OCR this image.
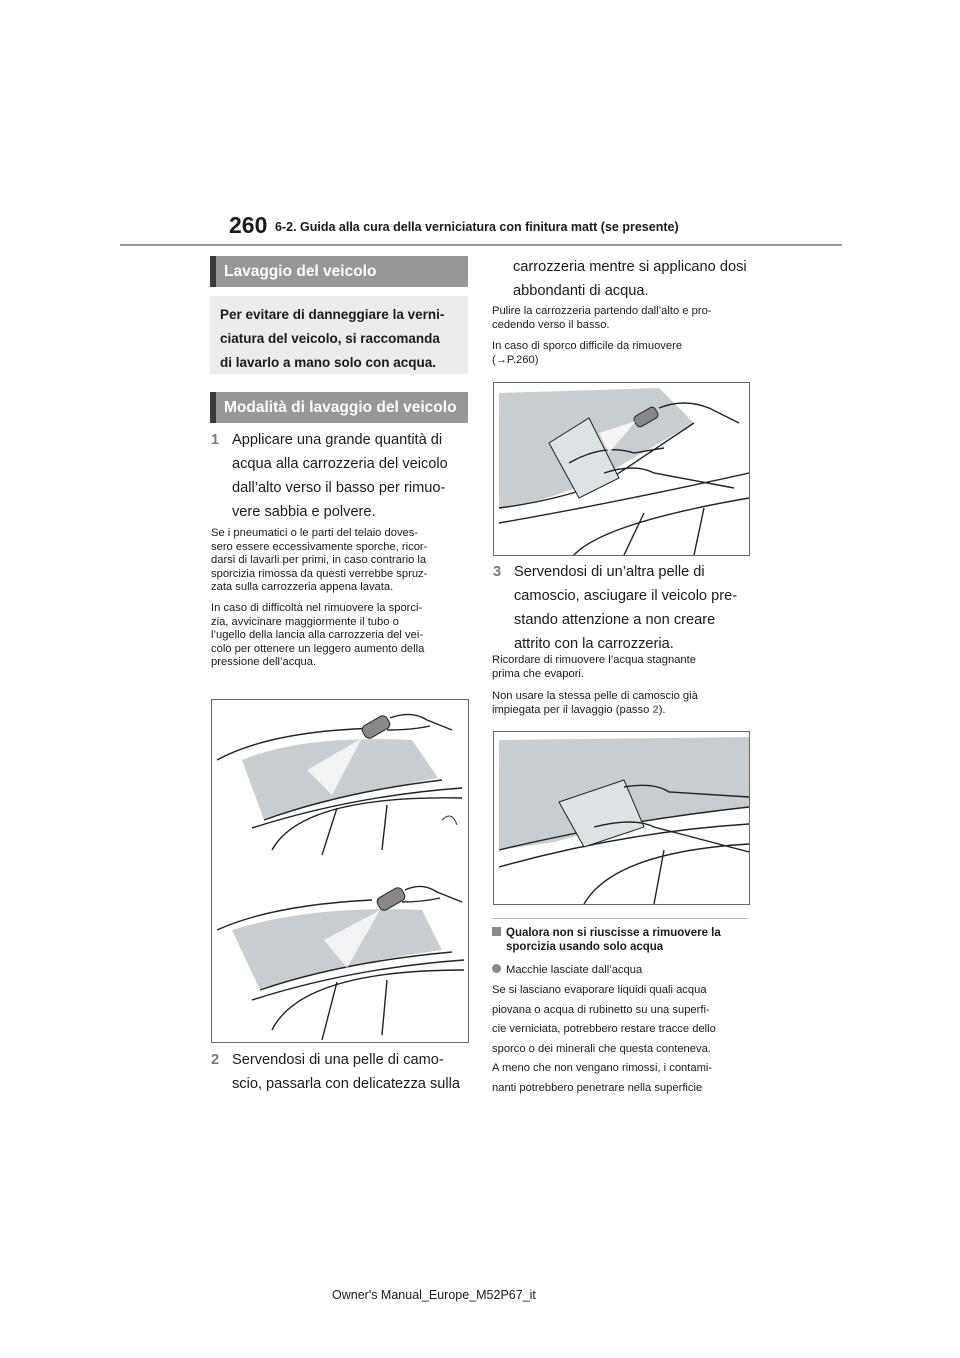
260 6-2. Guida alla cura della verniciatura con finitura matt (se presente)
Lavaggio del veicolo
Per evitare di danneggiare la verni-
ciatura del veicolo, si raccomanda
di lavarlo a mano solo con acqua.
Modalità di lavaggio del veicolo
1 Applicare una grande quantità di
acqua alla carrozzeria del veicolo
dall’alto verso il basso per rimuo-
vere sabbia e polvere.
Se i pneumatici o le parti del telaio doves-
sero essere eccessivamente sporche, ricor-
darsi di lavarli per primi, in caso contrario la
sporcizia rimossa da questi verrebbe spruz-
zata sulla carrozzeria appena lavata.
In caso di difficoltà nel rimuovere la sporci-
zia, avvicinare maggiormente il tubo o
l’ugello della lancia alla carrozzeria del vei-
colo per ottenere un leggero aumento della
pressione dell’acqua.
2 Servendosi di una pelle di camo-
scio, passarla con delicatezza sulla
carrozzeria mentre si applicano dosi
abbondanti di acqua.
Pulire la carrozzeria partendo dall’alto e pro-
cedendo verso il basso.
In caso di sporco difficile da rimuovere
(→P.260)
3 Servendosi di un’altra pelle di
camoscio, asciugare il veicolo pre-
stando attenzione a non creare
attrito con la carrozzeria.
Ricordare di rimuovere l’acqua stagnante
prima che evapori.
Non usare la stessa pelle di camoscio già
impiegata per il lavaggio (passo 2).
Qualora non si riuscisse a rimuovere la
sporcizia usando solo acqua
Macchie lasciate dall’acqua
Se si lasciano evaporare liquidi quali acqua
piovana o acqua di rubinetto su una superfi-
cie verniciata, potrebbero restare tracce dello
sporco o dei minerali che questa conteneva.
A meno che non vengano rimossi, i contami-
nanti potrebbero penetrare nella superficie
Owner's Manual_Europe_M52P67_it
